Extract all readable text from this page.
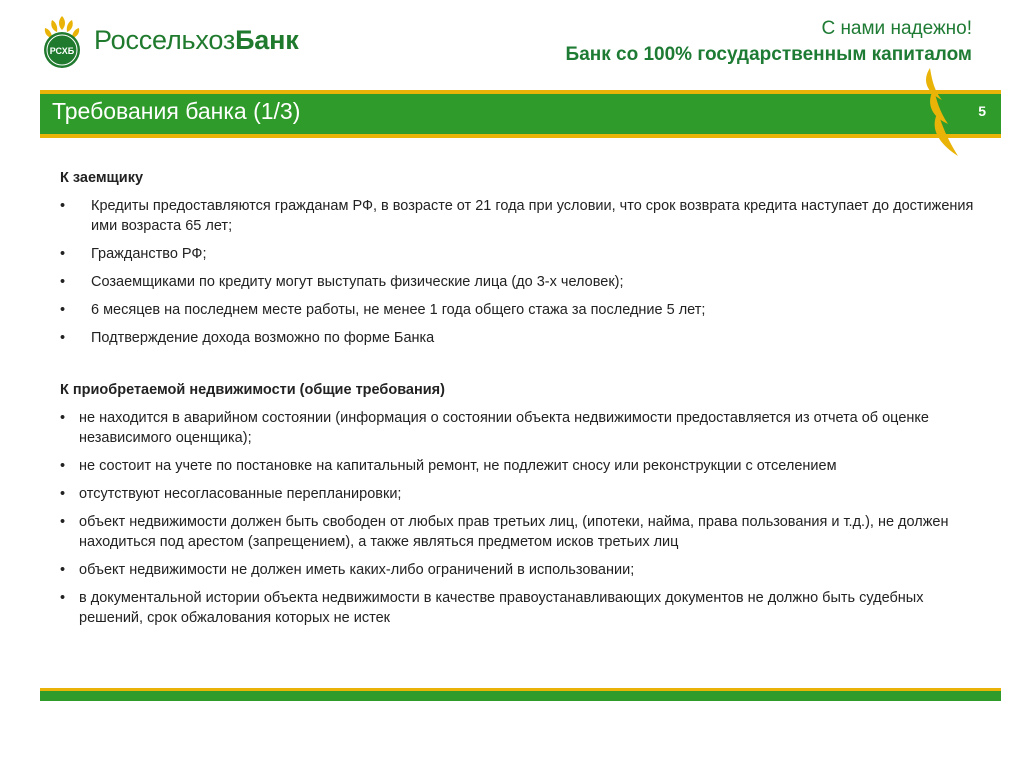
РСХБ РоссельхозБанк	С нами надежно!
Банк со 100% государственным капиталом
Требования банка (1/3)	5
К заемщику
• Кредиты предоставляются гражданам РФ, в возрасте от 21 года при условии, что срок возврата кредита наступает до достижения ими возраста 65 лет;
• Гражданство РФ;
• Созаемщиками по кредиту могут выступать физические лица (до 3-х человек);
• 6 месяцев на последнем месте работы, не менее 1 года общего стажа за последние 5 лет;
• Подтверждение дохода возможно по форме Банка
К приобретаемой недвижимости (общие требования)
• не находится в аварийном состоянии (информация о состоянии объекта недвижимости предоставляется из отчета об оценке независимого оценщика);
• не состоит на учете по постановке на капитальный ремонт, не подлежит сносу или реконструкции с отселением
• отсутствуют несогласованные перепланировки;
• объект недвижимости должен быть свободен от любых прав третьих лиц, (ипотеки, найма, права пользования и т.д.), не должен находиться под арестом (запрещением), а также являться предметом исков третьих лиц
• объект недвижимости не должен иметь каких-либо ограничений в использовании;
• в документальной истории объекта недвижимости в качестве правоустанавливающих документов не должно быть судебных решений, срок обжалования которых не истек
